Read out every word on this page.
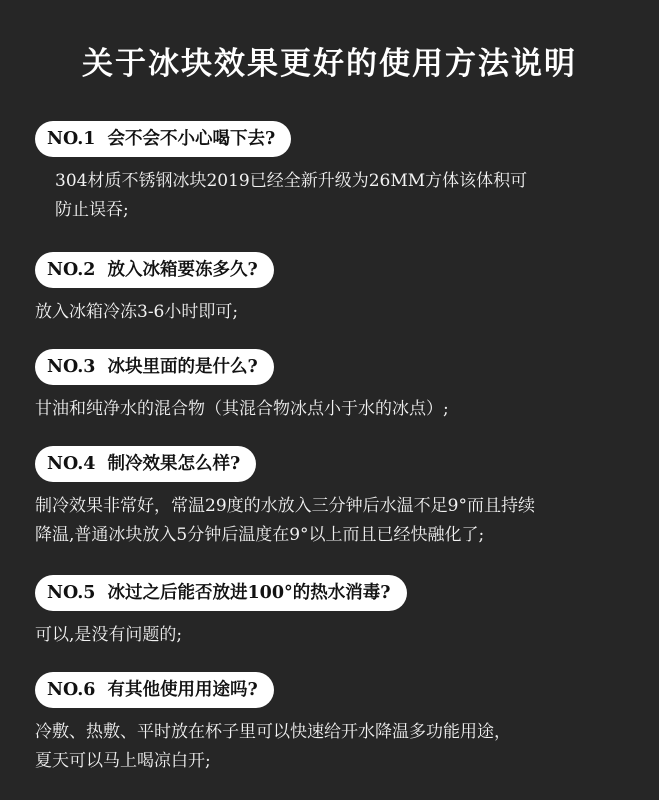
关于冰块效果更好的使用方法说明
NO.1 会不会不小心喝下去?
304材质不锈钢冰块2019已经全新升级为26MM方体该体积可
防止误吞;
NO.2 放入冰箱要冻多久?
放入冰箱冷冻3-6小时即可;
NO.3 冰块里面的是什么?
甘油和纯净水的混合物（其混合物冰点小于水的冰点）;
NO.4 制冷效果怎么样?
制冷效果非常好，常温29度的水放入三分钟后水温不足9°而且持续
降温,普通冰块放入5分钟后温度在9°以上而且已经快融化了;
NO.5 冰过之后能否放进100°的热水消毒?
可以,是没有问题的;
NO.6 有其他使用用途吗?
冷敷、热敷、平时放在杯子里可以快速给开水降温多功能用途，
夏天可以马上喝凉白开;
